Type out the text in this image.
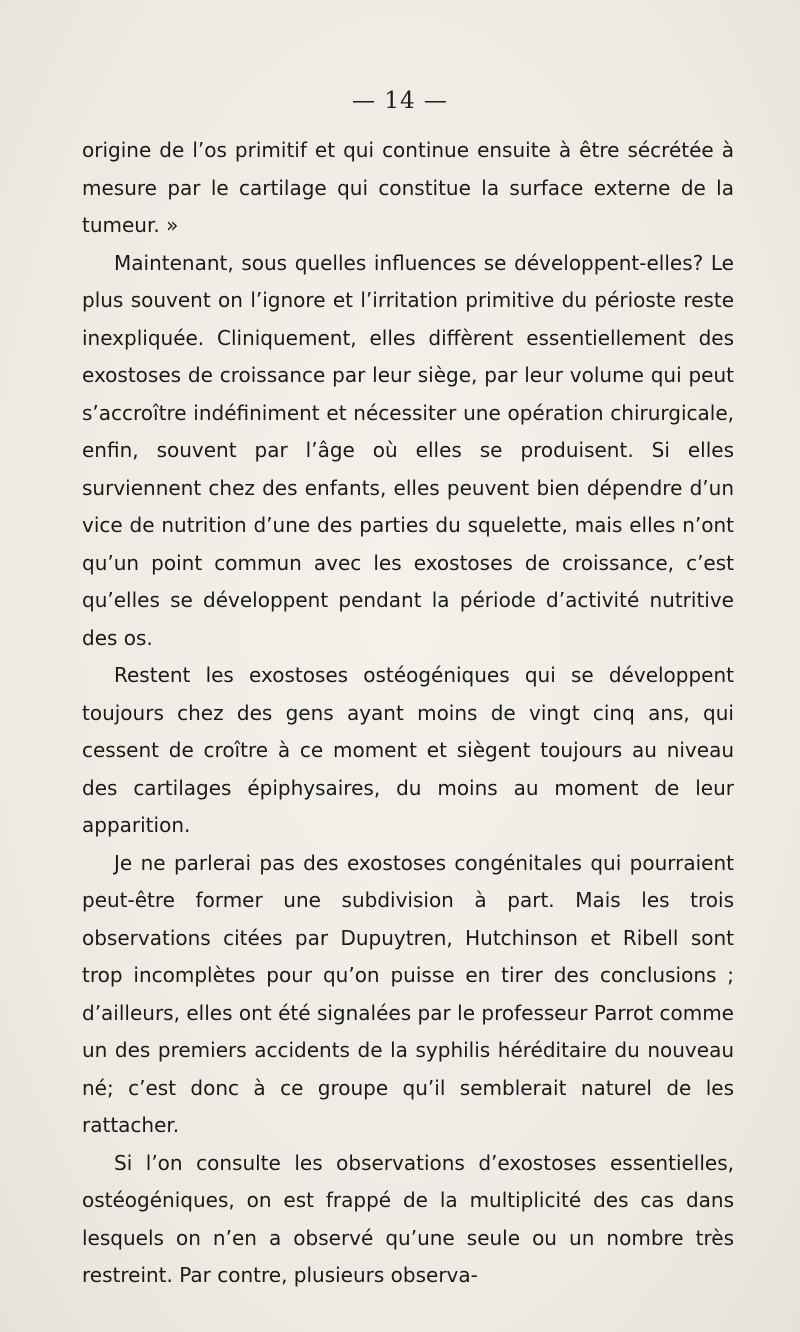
— 14 —

origine de l’os primitif et qui continue ensuite à être sécrétée à mesure par le cartilage qui constitue la surface externe de la tumeur. »

Maintenant, sous quelles influences se développent-elles? Le plus souvent on l’ignore et l’irritation primitive du périoste reste inexpliquée. Cliniquement, elles diffèrent essentiellement des exostoses de croissance par leur siège, par leur volume qui peut s’accroître indéfiniment et nécessiter une opération chirurgicale, enfin, souvent par l’âge où elles se produisent. Si elles surviennent chez des enfants, elles peuvent bien dépendre d’un vice de nutrition d’une des parties du squelette, mais elles n’ont qu’un point commun avec les exostoses de croissance, c’est qu’elles se développent pendant la période d’activité nutritive des os.

Restent les exostoses ostéogéniques qui se développent toujours chez des gens ayant moins de vingt cinq ans, qui cessent de croître à ce moment et siègent toujours au niveau des cartilages épiphysaires, du moins au moment de leur apparition.

Je ne parlerai pas des exostoses congénitales qui pourraient peut-être former une subdivision à part. Mais les trois observations citées par Dupuytren, Hutchinson et Ribell sont trop incomplètes pour qu’on puisse en tirer des conclusions ; d’ailleurs, elles ont été signalées par le professeur Parrot comme un des premiers accidents de la syphilis héréditaire du nouveau né; c’est donc à ce groupe qu’il semblerait naturel de les rattacher.

Si l’on consulte les observations d’exostoses essentielles, ostéogéniques, on est frappé de la multiplicité des cas dans lesquels on n’en a observé qu’une seule ou un nombre très restreint. Par contre, plusieurs observa-
